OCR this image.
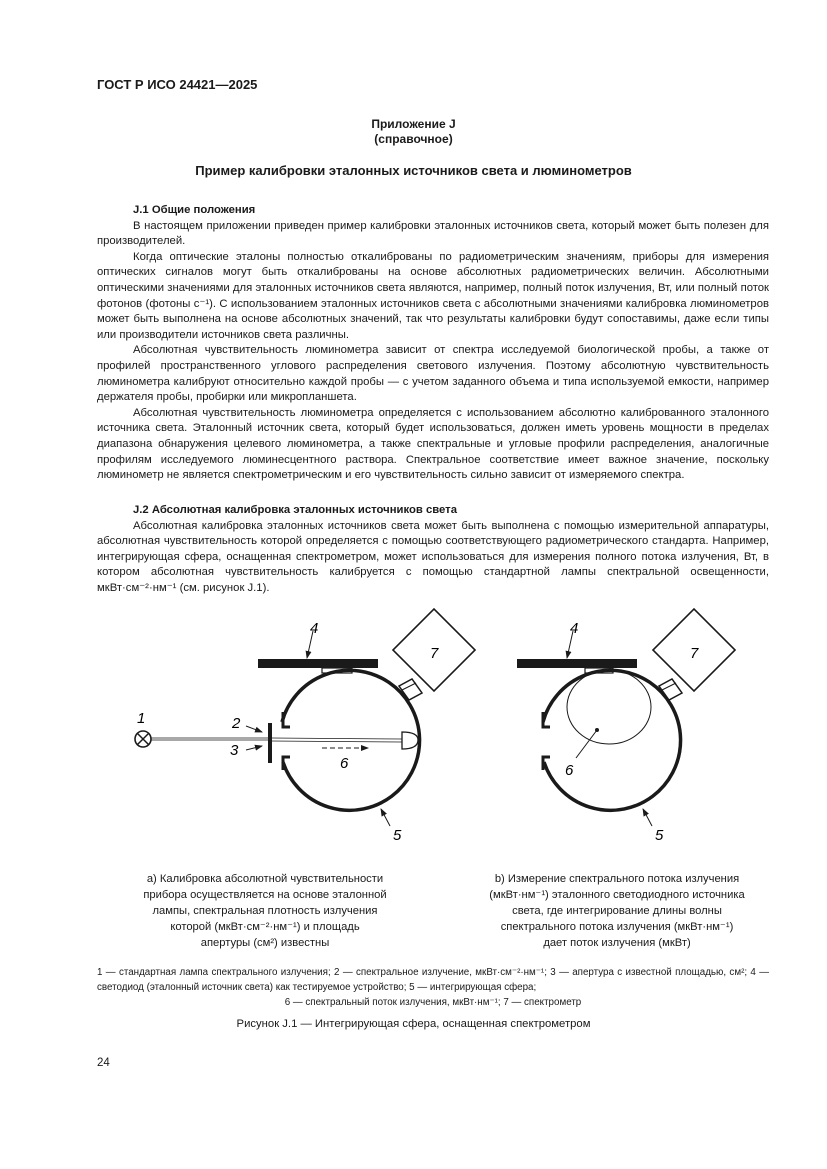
ГОСТ Р ИСО 24421—2025
Приложение J
(справочное)
Пример калибровки эталонных источников света и люминометров
J.1 Общие положения

В настоящем приложении приведен пример калибровки эталонных источников света, который может быть полезен для производителей.

Когда оптические эталоны полностью откалиброваны по радиометрическим значениям, приборы для измерения оптических сигналов могут быть откалиброваны на основе абсолютных радиометрических величин. Абсолютными оптическими значениями для эталонных источников света являются, например, полный поток излучения, Вт, или полный поток фотонов (фотоны с⁻¹). С использованием эталонных источников света с абсолютными значениями калибровка люминометров может быть выполнена на основе абсолютных значений, так что результаты калибровки будут сопоставимы, даже если типы или производители источников света различны.

Абсолютная чувствительность люминометра зависит от спектра исследуемой биологической пробы, а также от профилей пространственного углового распределения светового излучения. Поэтому абсолютную чувствительность люминометра калибруют относительно каждой пробы — с учетом заданного объема и типа используемой емкости, например держателя пробы, пробирки или микропланшета.

Абсолютная чувствительность люминометра определяется с использованием абсолютно калиброванного эталонного источника света. Эталонный источник света, который будет использоваться, должен иметь уровень мощности в пределах диапазона обнаружения целевого люминометра, а также спектральные и угловые профили распределения, аналогичные профилям исследуемого люминесцентного раствора. Спектральное соответствие имеет важное значение, поскольку люминометр не является спектрометрическим и его чувствительность сильно зависит от измеряемого спектра.

J.2 Абсолютная калибровка эталонных источников света

Абсолютная калибровка эталонных источников света может быть выполнена с помощью измерительной аппаратуры, абсолютная чувствительность которой определяется с помощью соответствующего радиометрического стандарта. Например, интегрирующая сфера, оснащенная спектрометром, может использоваться для измерения полного потока излучения, Вт, в котором абсолютная чувствительность калибруется с помощью стандартной лампы спектральной освещенности, мкВт·см⁻²·нм⁻¹ (см. рисунок J.1).

1	2
3
4
5
6
7
4
5
6
7
а) Калибровка абсолютной чувствительности
прибора осуществляется на основе эталонной
лампы, спектральная плотность излучения
которой (мкВт·см⁻²·нм⁻¹) и площадь
апертуры (см²) известны
b) Измерение спектрального потока излучения
(мкВт·нм⁻¹) эталонного светодиодного источника
света, где интегрирование длины волны
спектрального потока излучения (мкВт·нм⁻¹)
дает поток излучения (мкВт)
1 — стандартная лампа спектрального излучения; 2 — спектральное излучение, мкВт·см⁻²·нм⁻¹; 3 — апертура с известной площадью, см²; 4 — светодиод (эталонный источник света) как тестируемое устройство; 5 — интегрирующая сфера;
6 — спектральный поток излучения, мкВт·нм⁻¹; 7 — спектрометр
Рисунок J.1 — Интегрирующая сфера, оснащенная спектрометром
24
